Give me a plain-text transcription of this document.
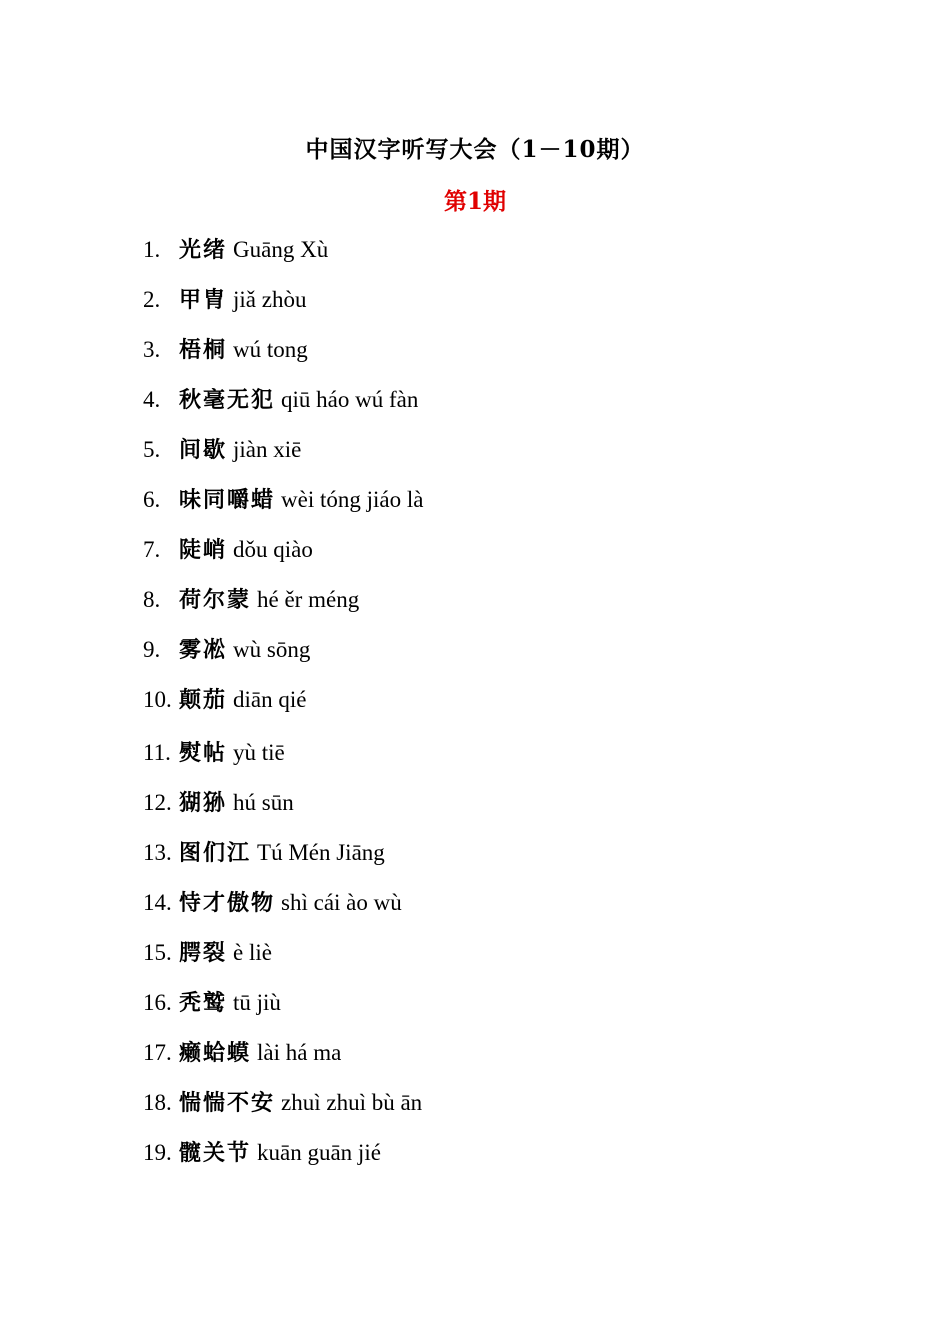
中国汉字听写大会（1－10期）
第1期
1. 光绪 Guāng Xù
2. 甲胄 jiǎ zhòu
3. 梧桐 wú tong
4. 秋毫无犯 qiū háo wú fàn
5. 间歇 jiàn xiē
6. 味同嚼蜡 wèi tóng jiáo là
7. 陡峭 dǒu qiào
8. 荷尔蒙 hé ěr méng
9. 雾凇 wù sōng
10. 颠茄 diān qié
11. 熨帖 yù tiē
12. 猢狲 hú sūn
13. 图们江 Tú Mén Jiāng
14. 恃才傲物 shì cái ào wù
15. 腭裂 è liè
16. 秃鹫 tū jiù
17. 癞蛤蟆 lài há ma
18. 惴惴不安 zhuì zhuì bù ān
19. 髋关节 kuān guān jié
